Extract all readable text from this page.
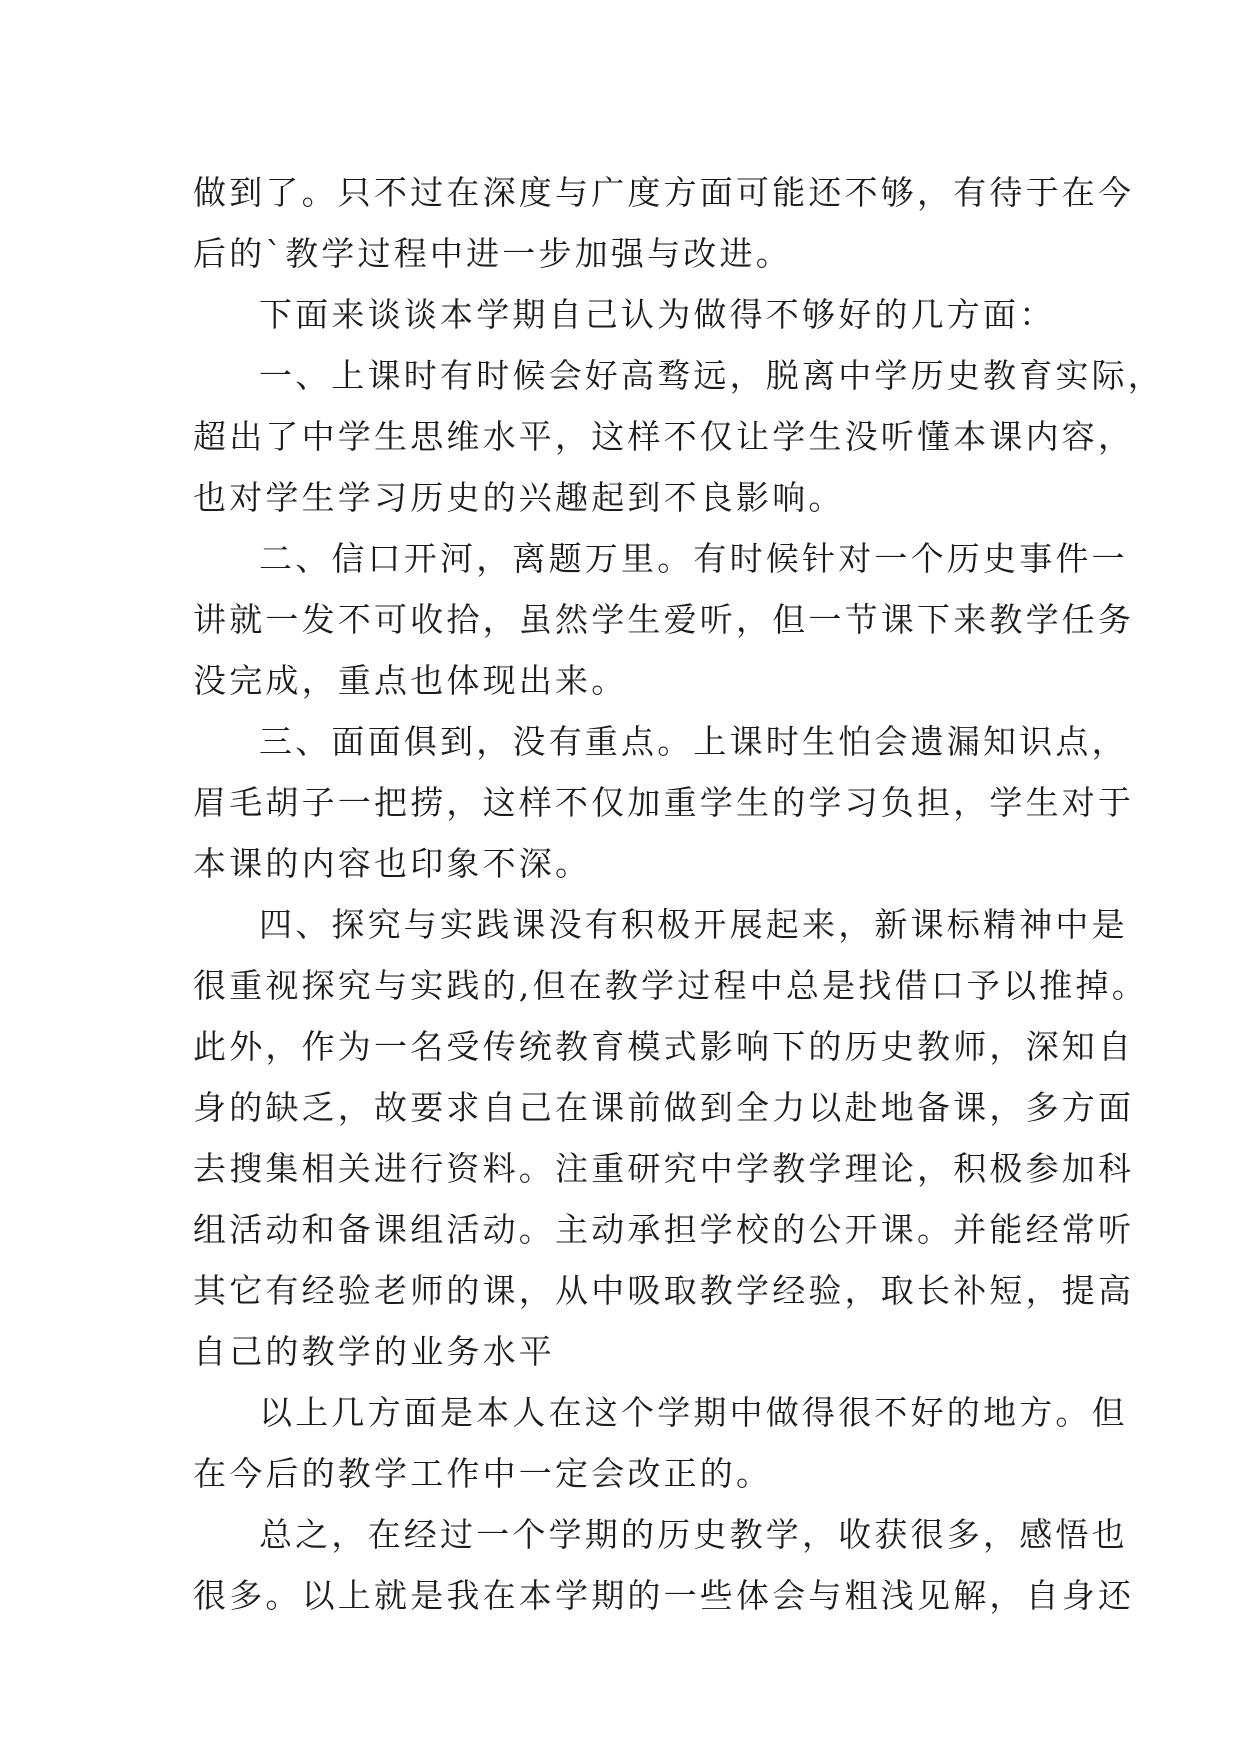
做到了。只不过在深度与广度方面可能还不够，有待于在今
后的`教学过程中进一步加强与改进。
下面来谈谈本学期自己认为做得不够好的几方面：
一、上课时有时候会好高骛远，脱离中学历史教育实际，
超出了中学生思维水平，这样不仅让学生没听懂本课内容，
也对学生学习历史的兴趣起到不良影响。
二、信口开河，离题万里。有时候针对一个历史事件一
讲就一发不可收拾，虽然学生爱听，但一节课下来教学任务
没完成，重点也体现出来。
三、面面俱到，没有重点。上课时生怕会遗漏知识点，
眉毛胡子一把捞，这样不仅加重学生的学习负担，学生对于
本课的内容也印象不深。
四、探究与实践课没有积极开展起来，新课标精神中是
很重视探究与实践的,但在教学过程中总是找借口予以推掉。
此外，作为一名受传统教育模式影响下的历史教师，深知自
身的缺乏，故要求自己在课前做到全力以赴地备课，多方面
去搜集相关进行资料。注重研究中学教学理论，积极参加科
组活动和备课组活动。主动承担学校的公开课。并能经常听
其它有经验老师的课，从中吸取教学经验，取长补短，提高
自己的教学的业务水平
以上几方面是本人在这个学期中做得很不好的地方。但
在今后的教学工作中一定会改正的。
总之，在经过一个学期的历史教学，收获很多，感悟也
很多。以上就是我在本学期的一些体会与粗浅见解，自身还
